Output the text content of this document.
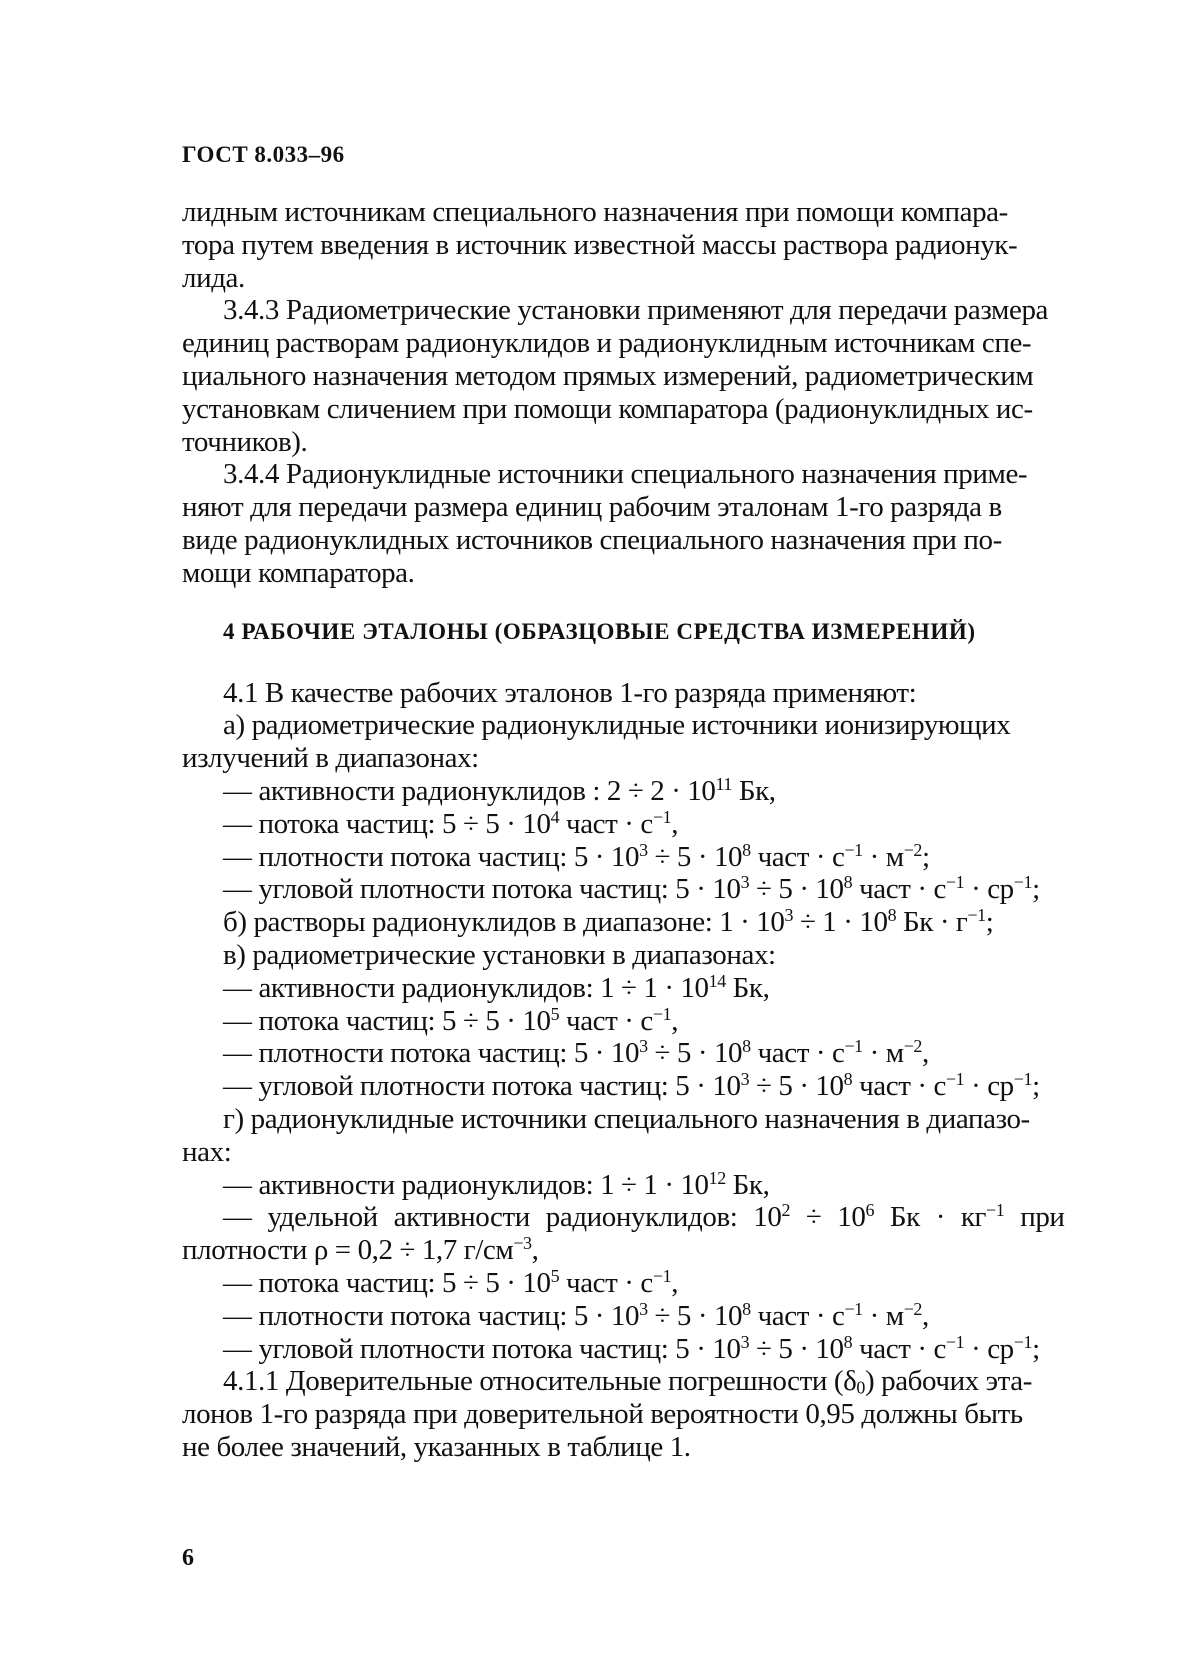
ГОСТ 8.033–96
лидным источникам специального назначения при помощи компара-
тора путем введения в источник известной массы раствора радионук-
лида.
3.4.3 Радиометрические установки применяют для передачи размера
единиц растворам радионуклидов и радионуклидным источникам спе-
циального назначения методом прямых измерений, радиометрическим
установкам сличением при помощи компаратора (радионуклидных ис-
точников).
3.4.4 Радионуклидные источники специального назначения приме-
няют для передачи размера единиц рабочим эталонам 1-го разряда в
виде радионуклидных источников специального назначения при по-
мощи компаратора.
4 РАБОЧИЕ ЭТАЛОНЫ (ОБРАЗЦОВЫЕ СРЕДСТВА ИЗМЕРЕНИЙ)
4.1 В качестве рабочих эталонов 1-го разряда применяют:
а) радиометрические радионуклидные источники ионизирующих
излучений в диапазонах:
— активности радионуклидов : $2 \div 2 \cdot 10^{11}$ Бк,
— потока частиц: $5 \div 5 \cdot 10^4$ част · $с^{-1}$,
— плотности потока частиц: $5 \cdot 10^3 \div 5 \cdot 10^8$ част · $с^{-1} \cdot м^{-2}$;
— угловой плотности потока частиц: $5 \cdot 10^3 \div 5 \cdot 10^8$ част · $с^{-1} \cdot ср^{-1}$;
б) растворы радионуклидов в диапазоне: $1 \cdot 10^3 \div 1 \cdot 10^8$ Бк · $г^{-1}$;
в) радиометрические установки в диапазонах:
— активности радионуклидов: $1 \div 1 \cdot 10^{14}$ Бк,
— потока частиц: $5 \div 5 \cdot 10^5$ част · $с^{-1}$,
— плотности потока частиц: $5 \cdot 10^3 \div 5 \cdot 10^8$ част · $с^{-1} \cdot м^{-2}$,
— угловой плотности потока частиц: $5 \cdot 10^3 \div 5 \cdot 10^8$ част · $с^{-1} \cdot ср^{-1}$;
г) радионуклидные источники специального назначения в диапазо-
нах:
— активности радионуклидов: $1 \div 1 \cdot 10^{12}$ Бк,
— удельной активности радионуклидов: $10^2 \div 10^6$ Бк · $кг^{-1}$ при
плотности ρ = 0,2 ÷ 1,7 $г/см^{-3}$,
— потока частиц: $5 \div 5 \cdot 10^5$ част · $с^{-1}$,
— плотности потока частиц: $5 \cdot 10^3 \div 5 \cdot 10^8$ част · $с^{-1} \cdot м^{-2}$,
— угловой плотности потока частиц: $5 \cdot 10^3 \div 5 \cdot 10^8$ част · $с^{-1} \cdot ср^{-1}$;
4.1.1 Доверительные относительные погрешности $(\delta_0)$ рабочих эта-
лонов 1-го разряда при доверительной вероятности 0,95 должны быть
не более значений, указанных в таблице 1.
6
